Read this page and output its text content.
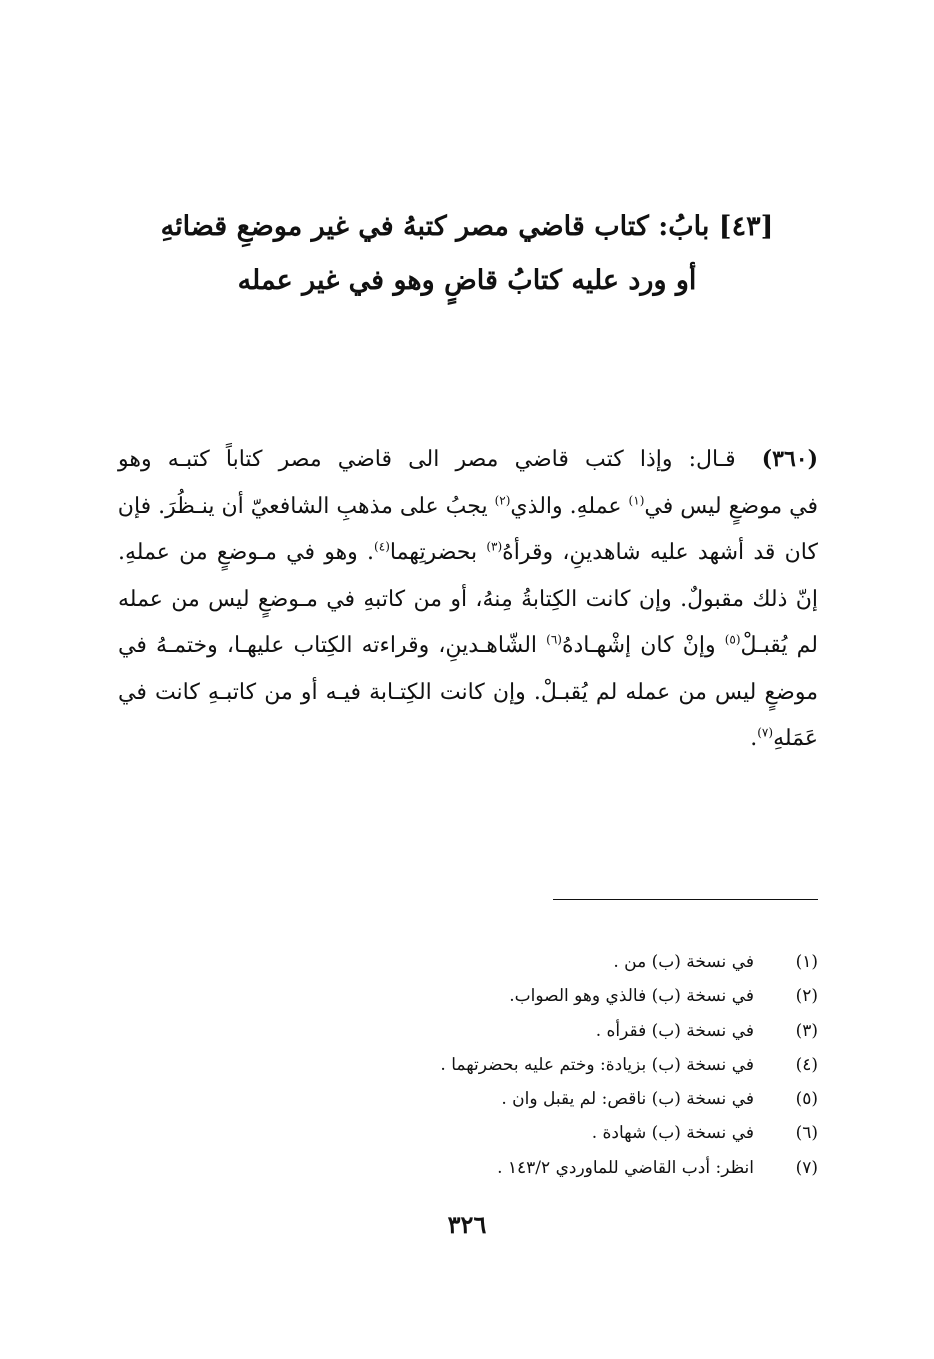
[٤٣] بابُ: كتاب قاضي مصر كتبهُ في غير موضعِ قضائهِ
أو ورد عليه كتابُ قاضٍ وهو في غير عمله
(٣٦٠)قـال: وإذا كتب قاضي مصر الى قاضي مصر كتاباً كتبـه وهو
في موضعٍ ليس في$^{(١)}$ عملهِ. والذي$^{(٢)}$ يجبُ على مذهبِ الشافعيّ أن ينـظُرَ. فإن
كان قد أشهد عليه شاهدينِ، وقرأهُ$^{(٣)}$ بحضرتِهما$^{(٤)}$. وهو في مـوضعٍ من عملهِ.
إنّ ذلك مقبولٌ. وإن كانت الكِتابةُ مِنهُ، أو من كاتبهِ في مـوضعٍ ليس من عمله
لم يُقبـلْ$^{(٥)}$ وإنْ كان إشْهـادهُ$^{(٦)}$ الشّاهـدينِ، وقراءته الكِتاب عليهـا، وختمـهُ في
موضعٍ ليس من عمله لم يُقبـلْ. وإن كانت الكِتـابة فيـه أو من كاتبـهِ كانت في
عَمَلهِ$^{(٧)}$.
(١)
في نسخة (ب) من .
(٢)
في نسخة (ب) فالذي وهو الصواب.
(٣)
في نسخة (ب) فقرأه .
(٤)
في نسخة (ب) بزيادة: وختم عليه بحضرتهما .
(٥)
في نسخة (ب) ناقص: لم يقبل وان .
(٦)
في نسخة (ب) شهادة .
(٧)
انظر: أدب القاضي للماوردي ١٤٣/٢ .
٣٢٦
